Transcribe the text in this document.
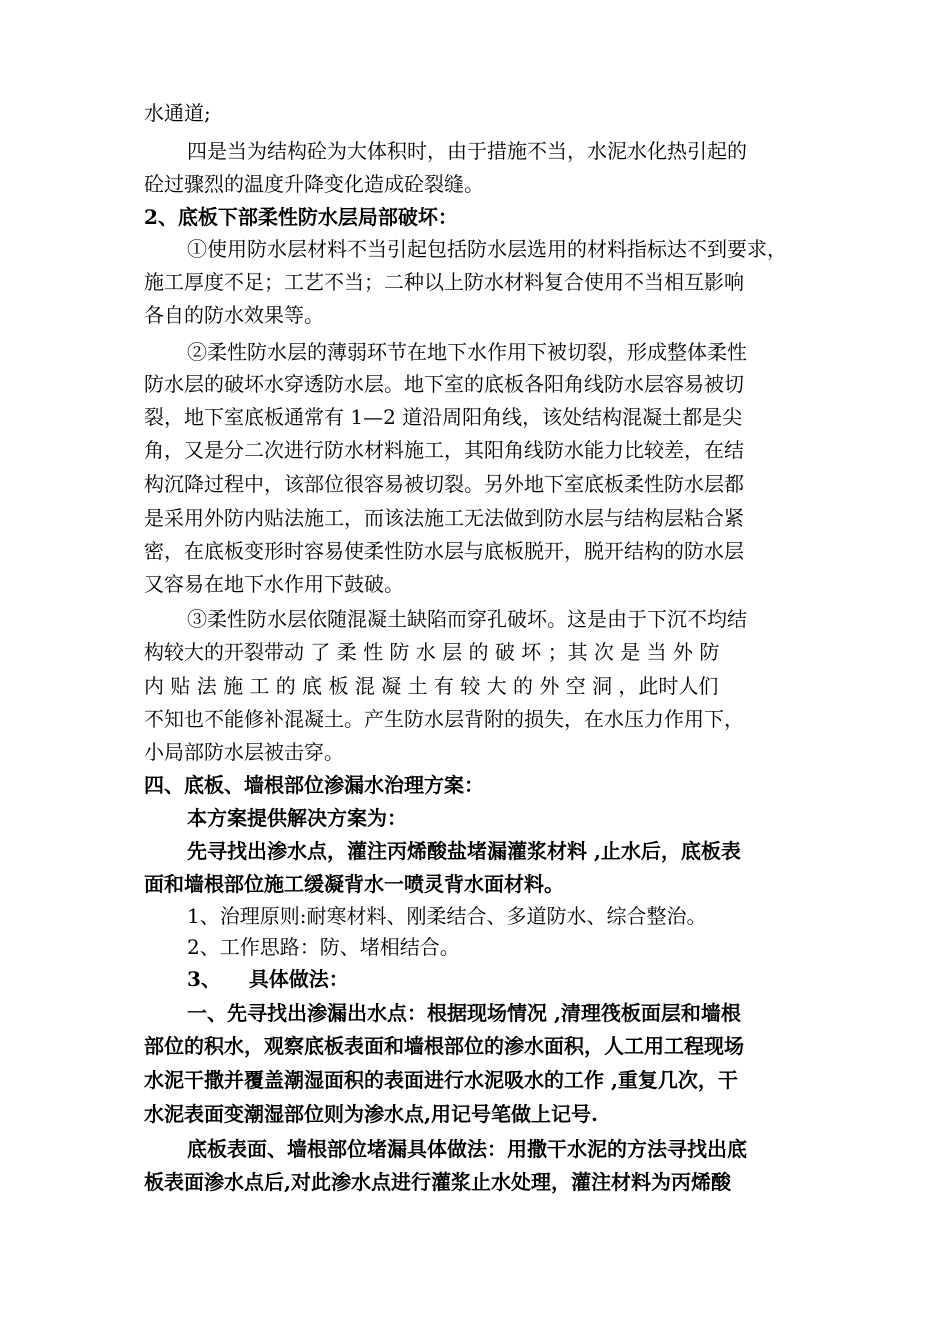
水通道;
四是当为结构砼为大体积时，由于措施不当，水泥水化热引起的
砼过骤烈的温度升降变化造成砼裂缝。
2、底板下部柔性防水层局部破坏：
①使用防水层材料不当引起包括防水层选用的材料指标达不到要求，
施工厚度不足；工艺不当；二种以上防水材料复合使用不当相互影响
各自的防水效果等。
②柔性防水层的薄弱环节在地下水作用下被切裂，形成整体柔性
防水层的破坏水穿透防水层。地下室的底板各阳角线防水层容易被切
裂，地下室底板通常有 1—2 道沿周阳角线，该处结构混凝土都是尖
角，又是分二次进行防水材料施工，其阳角线防水能力比较差，在结
构沉降过程中，该部位很容易被切裂。另外地下室底板柔性防水层都
是采用外防内贴法施工，而该法施工无法做到防水层与结构层粘合紧
密，在底板变形时容易使柔性防水层与底板脱开，脱开结构的防水层
又容易在地下水作用下鼓破。
③柔性防水层依随混凝土缺陷而穿孔破坏。这是由于下沉不均结
构较大的开裂带动 了 柔 性 防 水 层 的 破 坏 ；其 次 是 当 外 防
内 贴 法 施 工 的 底 板 混 凝 土 有 较 大 的 外 空 洞 ，此时人们
不知也不能修补混凝土。产生防水层背附的损失，在水压力作用下，
小局部防水层被击穿。
四、底板、墙根部位渗漏水治理方案：
本方案提供解决方案为：
先寻找出渗水点，灌注丙烯酸盐堵漏灌浆材料 ,止水后，底板表
面和墙根部位施工缓凝背水一喷灵背水面材料。
1、治理原则:耐寒材料、刚柔结合、多道防水、综合整治。
2、工作思路：防、堵相结合。
3、    具体做法：
一、先寻找出渗漏出水点：根据现场情况 ,清理筏板面层和墙根
部位的积水，观察底板表面和墙根部位的渗水面积，人工用工程现场
水泥干撒并覆盖潮湿面积的表面进行水泥吸水的工作 ,重复几次，干
水泥表面变潮湿部位则为渗水点,用记号笔做上记号.
底板表面、墙根部位堵漏具体做法：用撒干水泥的方法寻找出底
板表面渗水点后,对此渗水点进行灌浆止水处理，灌注材料为丙烯酸
